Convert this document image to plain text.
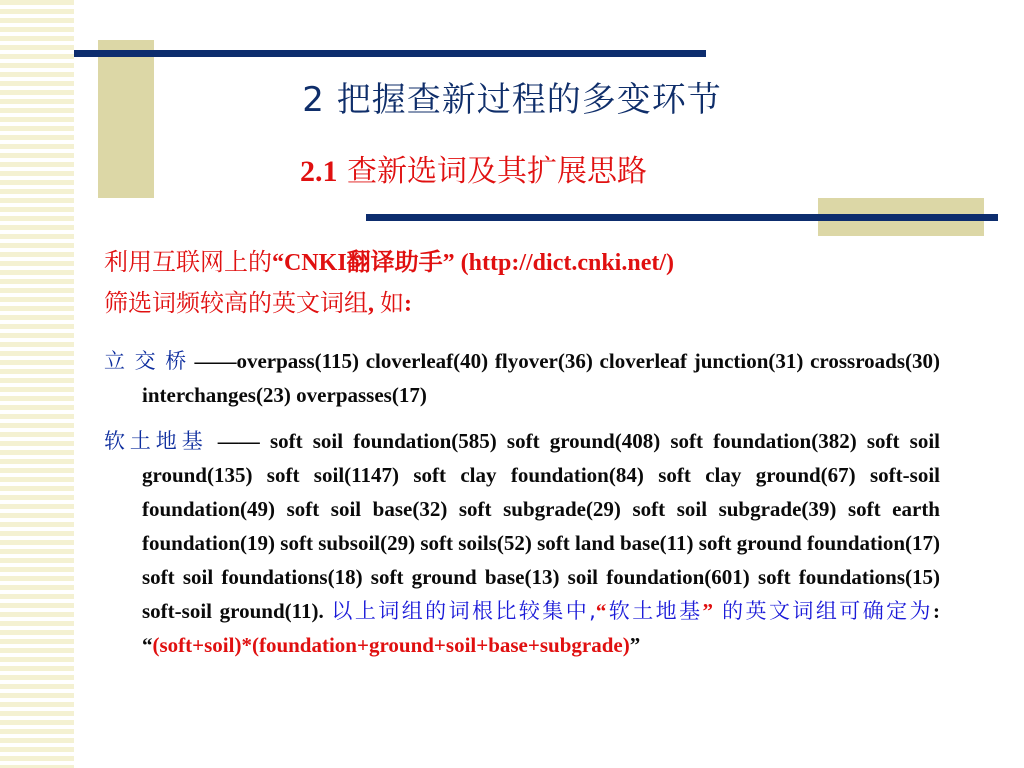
2 把握查新过程的多变环节
2.1 查新选词及其扩展思路
利用互联网上的“CNKI翻译助手” (http://dict.cnki.net/)
筛选词频较高的英文词组, 如:
立 交 桥 ——overpass(115) cloverleaf(40) flyover(36) cloverleaf junction(31) crossroads(30) interchanges(23) overpasses(17)
软土地基 —— soft soil foundation(585) soft ground(408) soft foundation(382) soft soil ground(135) soft soil(1147) soft clay foundation(84) soft clay ground(67) soft-soil foundation(49) soft soil base(32) soft subgrade(29) soft soil subgrade(39) soft earth foundation(19) soft subsoil(29) soft soils(52) soft land base(11) soft ground foundation(17) soft soil foundations(18) soft ground base(13) soil foundation(601) soft foundations(15) soft-soil ground(11). 以上词组的词根比较集中,“软土地基” 的英文词组可确定为: “(soft+soil)*(foundation+ground+soil+base+subgrade)”
